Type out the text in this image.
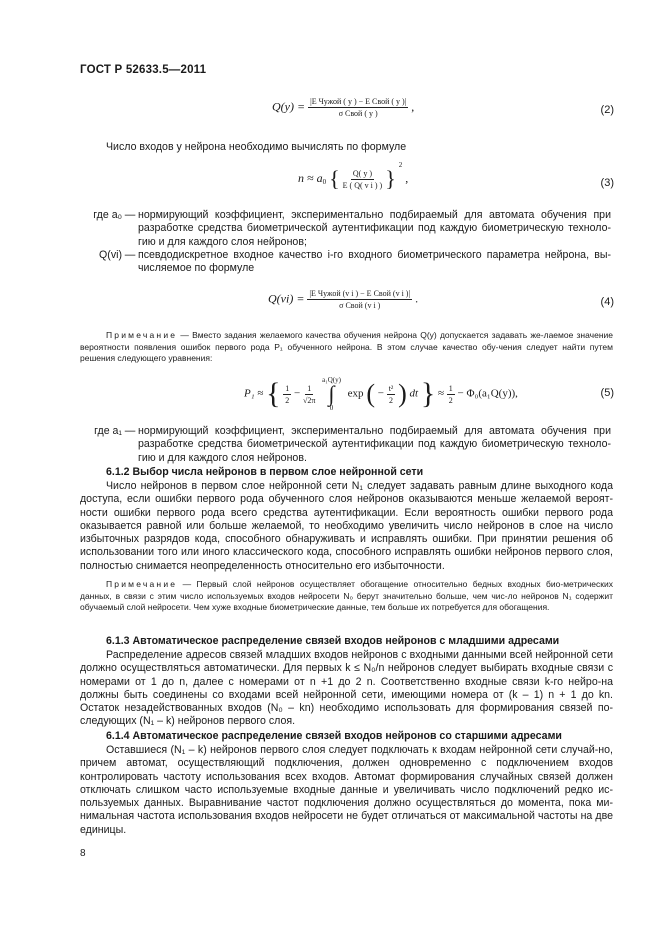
ГОСТ Р 52633.5—2011
$Q(y) = \frac{\text{|E Чужой ( y ) − E Свой ( y )|}}{\text{σ Свой ( y )}}$ ,	(2)
Число входов у нейрона необходимо вычислять по формуле
$n \approx a_0$ { $\frac{Q( y )}{\text{E ( Q( v i ) )}}$ } $^2$ ,	(3)
где a₀ — нормирующий коэффициент, экспериментально подбираемый для автомата обучения при разработке средства биометрической аутентификации под каждую биометрическую техноло-гию и для каждого слоя нейронов;
Q(vi) — псевдодискретное входное качество i-го входного биометрического параметра нейрона, вы-числяемое по формуле
$Q(vi) = \frac{\text{|E Чужой (v i ) − E Свой (v i )|}}{\text{σ Свой (v i )}}$ .	(4)
Примечание — Вместо задания желаемого качества обучения нейрона Q(y) допускается задавать же-лаемое значение вероятности появления ошибок первого рода P₁ обученного нейрона. В этом случае качество обу-чения следует найти путем решения следующего уравнения:
P₁ ≈ { $\frac{1}{2} - \frac{1}{√2\pi}$

a₁Q(y)
∫
0
exp ( − $\frac{\text{t²}}{2}$ ) dt } ≈ $\frac{1}{2} - \Phi_0(a_1Q(y))$,	(5)
где a₁ — нормирующий коэффициент, экспериментально подбираемый для автомата обучения при разработке средства биометрической аутентификации под каждую биометрическую техноло-гию и для каждого слоя нейронов.
6.1.2 Выбор числа нейронов в первом слое нейронной сети
Число нейронов в первом слое нейронной сети N₁ следует задавать равным длине выходного кода доступа, если ошибки первого рода обученного слоя нейронов оказываются меньше желаемой вероят-ности ошибки первого рода всего средства аутентификации. Если вероятность ошибки первого рода оказывается равной или больше желаемой, то необходимо увеличить число нейронов в слое на число избыточных разрядов кода, способного обнаруживать и исправлять ошибки. При принятии решения об использовании того или иного классического кода, способного исправлять ошибки нейронов первого слоя, полностью снимается неопределенность относительно его избыточности.
Примечание — Первый слой нейронов осуществляет обогащение относительно бедных входных био-метрических данных, в связи с этим число используемых входов нейросети N₀ берут значительно больше, чем чис-ло нейронов N₁ содержит обучаемый слой нейросети. Чем хуже входные биометрические данные, тем больше их потребуется для обогащения.
6.1.3 Автоматическое распределение связей входов нейронов с младшими адресами
Распределение адресов связей младших входов нейронов с входными данными всей нейронной сети должно осуществляться автоматически. Для первых k ≤ N₀/n нейронов следует выбирать входные связи с номерами от 1 до n, далее с номерами от n +1 до 2 n. Соответственно входные связи k-го нейро-на должны быть соединены со входами всей нейронной сети, имеющими номера от (k – 1) n + 1 до kn. Остаток незадействованных входов (N₀ – kn) необходимо использовать для формирования связей по-следующих (N₁ – k) нейронов первого слоя.
6.1.4 Автоматическое распределение связей входов нейронов со старшими адресами
Оставшиеся (N₁ – k) нейронов первого слоя следует подключать к входам нейронной сети случай-но, причем автомат, осуществляющий подключения, должен одновременно с подключением входов контролировать частоту использования всех входов. Автомат формирования случайных связей должен отключать слишком часто используемые входные данные и увеличивать число подключений редко ис-пользуемых данных. Выравнивание частот подключения должно осуществляться до момента, пока ми-нимальная частота использования входов нейросети не будет отличаться от максимальной частоты на две единицы.
8
